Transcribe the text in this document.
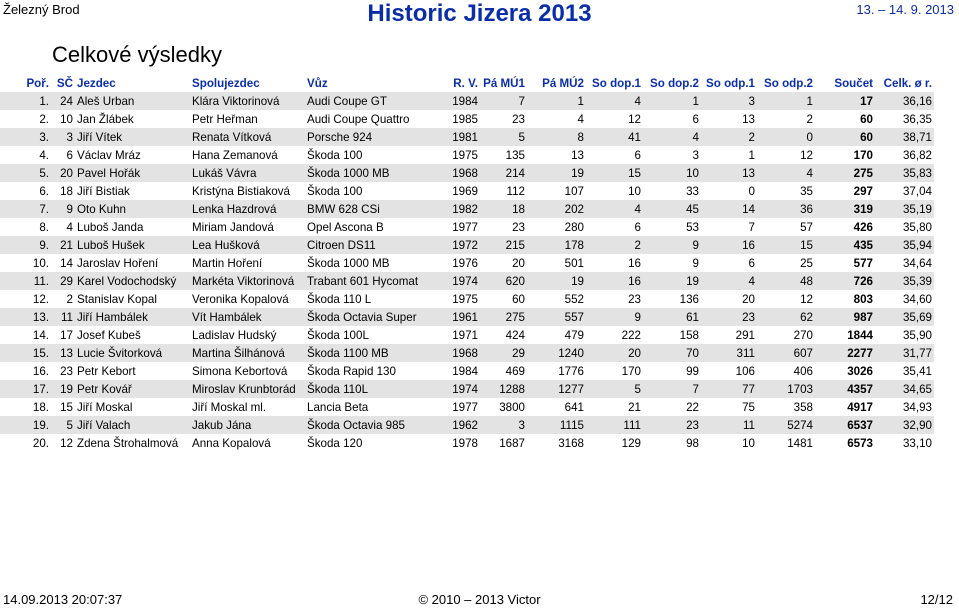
Železný Brod	Historic Jizera 2013	13. – 14. 9. 2013
Celkové výsledky
Poř.	SČ	Jezdec	Spolujezdec	Vůz	R. V.	Pá MÚ1	Pá MÚ2	So dop.1	So dop.2	So odp.1	So odp.2	Součet	Celk. ø r.
1.	24	Aleš Urban	Klára Viktorinová	Audi Coupe GT	1984	7	1	4	1	3	1	17	36,16
2.	10	Jan Žlábek	Petr Heřman	Audi Coupe Quattro	1985	23	4	12	6	13	2	60	36,35
3.	3	Jiří Vítek	Renata Vítková	Porsche 924	1981	5	8	41	4	2	0	60	38,71
4.	6	Václav Mráz	Hana Zemanová	Škoda 100	1975	135	13	6	3	1	12	170	36,82
5.	20	Pavel Hořák	Lukáš Vávra	Škoda 1000 MB	1968	214	19	15	10	13	4	275	35,83
6.	18	Jiří Bistiak	Kristýna Bistiaková	Škoda 100	1969	112	107	10	33	0	35	297	37,04
7.	9	Oto Kuhn	Lenka Hazdrová	BMW 628 CSi	1982	18	202	4	45	14	36	319	35,19
8.	4	Luboš Janda	Miriam Jandová	Opel Ascona B	1977	23	280	6	53	7	57	426	35,80
9.	21	Luboš Hušek	Lea Hušková	Citroen DS11	1972	215	178	2	9	16	15	435	35,94
10.	14	Jaroslav Hoření	Martin Hoření	Škoda 1000 MB	1976	20	501	16	9	6	25	577	34,64
11.	29	Karel Vodochodský	Markéta Viktorinová	Trabant 601 Hycomat	1974	620	19	16	19	4	48	726	35,39
12.	2	Stanislav Kopal	Veronika Kopalová	Škoda 110 L	1975	60	552	23	136	20	12	803	34,60
13.	11	Jiří Hambálek	Vít Hambálek	Škoda Octavia Super	1961	275	557	9	61	23	62	987	35,69
14.	17	Josef Kubeš	Ladislav Hudský	Škoda 100L	1971	424	479	222	158	291	270	1844	35,90
15.	13	Lucie Švitorková	Martina Šilhánová	Škoda 1100 MB	1968	29	1240	20	70	311	607	2277	31,77
16.	23	Petr Kebort	Simona Kebortová	Škoda Rapid 130	1984	469	1776	170	99	106	406	3026	35,41
17.	19	Petr Kovář	Miroslav Krunbtorád	Škoda 110L	1974	1288	1277	5	7	77	1703	4357	34,65
18.	15	Jiří Moskal	Jiří Moskal ml.	Lancia Beta	1977	3800	641	21	22	75	358	4917	34,93
19.	5	Jiří Valach	Jakub Jána	Škoda Octavia 985	1962	3	1115	111	23	11	5274	6537	32,90
20.	12	Zdena Štrohalmová	Anna Kopalová	Škoda 120	1978	1687	3168	129	98	10	1481	6573	33,10
14.09.2013 20:07:37	© 2010 – 2013 Victor	12/12
